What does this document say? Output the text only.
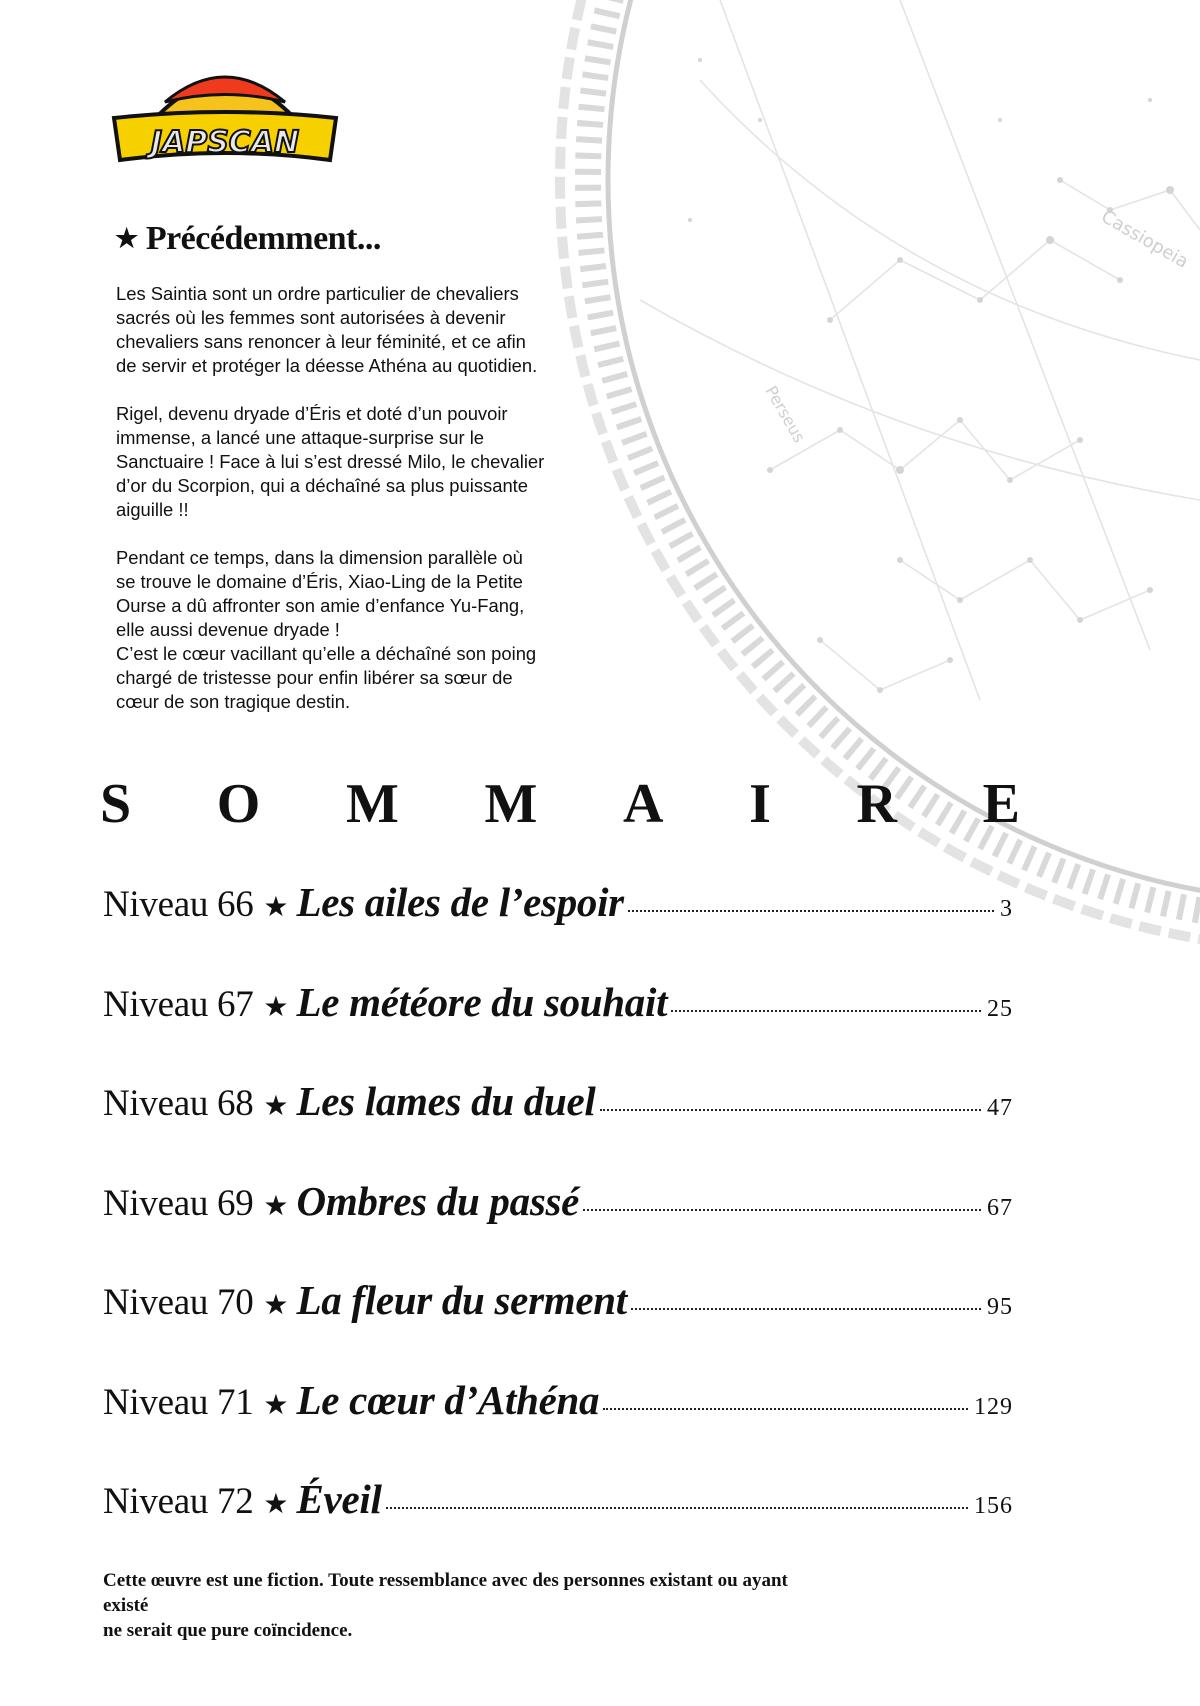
Cassiopeia
Perseus
JAPSCAN
★ Précédemment...

Les Saintia sont un ordre particulier de chevaliers
sacrés où les femmes sont autorisées à devenir
chevaliers sans renoncer à leur féminité, et ce afin
de servir et protéger la déesse Athéna au quotidien.

Rigel, devenu dryade d’Éris et doté d’un pouvoir
immense, a lancé une attaque-surprise sur le
Sanctuaire ! Face à lui s’est dressé Milo, le chevalier
d’or du Scorpion, qui a déchaîné sa plus puissante
aiguille !!

Pendant ce temps, dans la dimension parallèle où
se trouve le domaine d’Éris, Xiao-Ling de la Petite
Ourse a dû affronter son amie d’enfance Yu-Fang,
elle aussi devenue dryade !
C’est le cœur vacillant qu’elle a déchaîné son poing
chargé de tristesse pour enfin libérer sa sœur de
cœur de son tragique destin.

S O M M A I R E
Niveau 66 ★ Les ailes de l’espoir	3
Niveau 67 ★ Le météore du souhait	25
Niveau 68 ★ Les lames du duel	47
Niveau 69 ★ Ombres du passé	67
Niveau 70 ★ La fleur du serment	95
Niveau 71 ★ Le cœur d’Athéna	129
Niveau 72 ★ Éveil	156
Cette œuvre est une fiction. Toute ressemblance avec des personnes existant ou ayant existé
ne serait que pure coïncidence.
